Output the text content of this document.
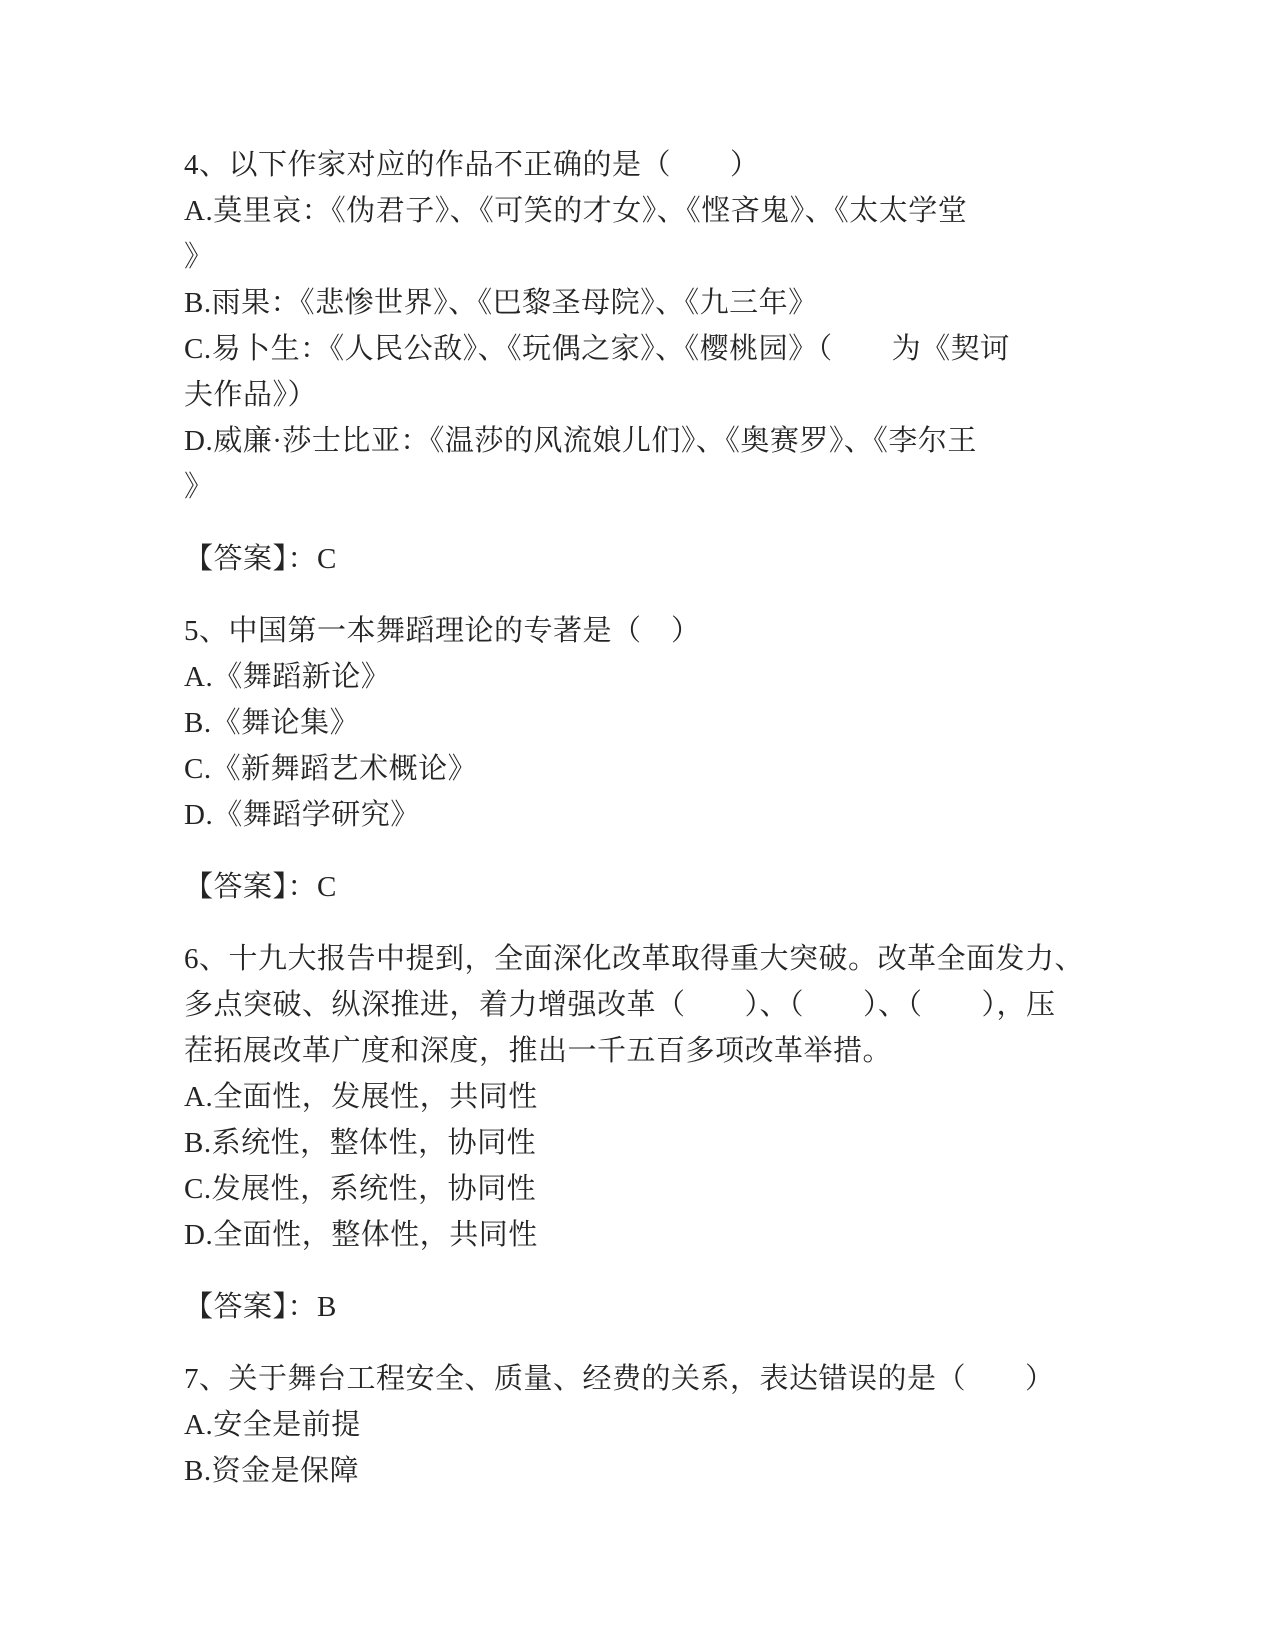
4、以下作家对应的作品不正确的是（　　）
A.莫里哀：《伪君子》、《可笑的才女》、《悭吝鬼》、《太太学堂
》
B.雨果：《悲惨世界》、《巴黎圣母院》、《九三年》
C.易卜生：《人民公敌》、《玩偶之家》、《樱桃园》（　　为《契诃
夫作品》）
D.威廉·莎士比亚：《温莎的风流娘儿们》、《奥赛罗》、《李尔王
》
【答案】：C
5、中国第一本舞蹈理论的专著是（　）
A.《舞蹈新论》
B.《舞论集》
C.《新舞蹈艺术概论》
D.《舞蹈学研究》
【答案】：C
6、十九大报告中提到，全面深化改革取得重大突破。改革全面发力、
多点突破、纵深推进，着力增强改革（　　）、（　　）、（　　），压
茬拓展改革广度和深度，推出一千五百多项改革举措。
A.全面性，发展性，共同性
B.系统性，整体性，协同性
C.发展性，系统性，协同性
D.全面性，整体性，共同性
【答案】：B
7、关于舞台工程安全、质量、经费的关系，表达错误的是（　　）
A.安全是前提
B.资金是保障
